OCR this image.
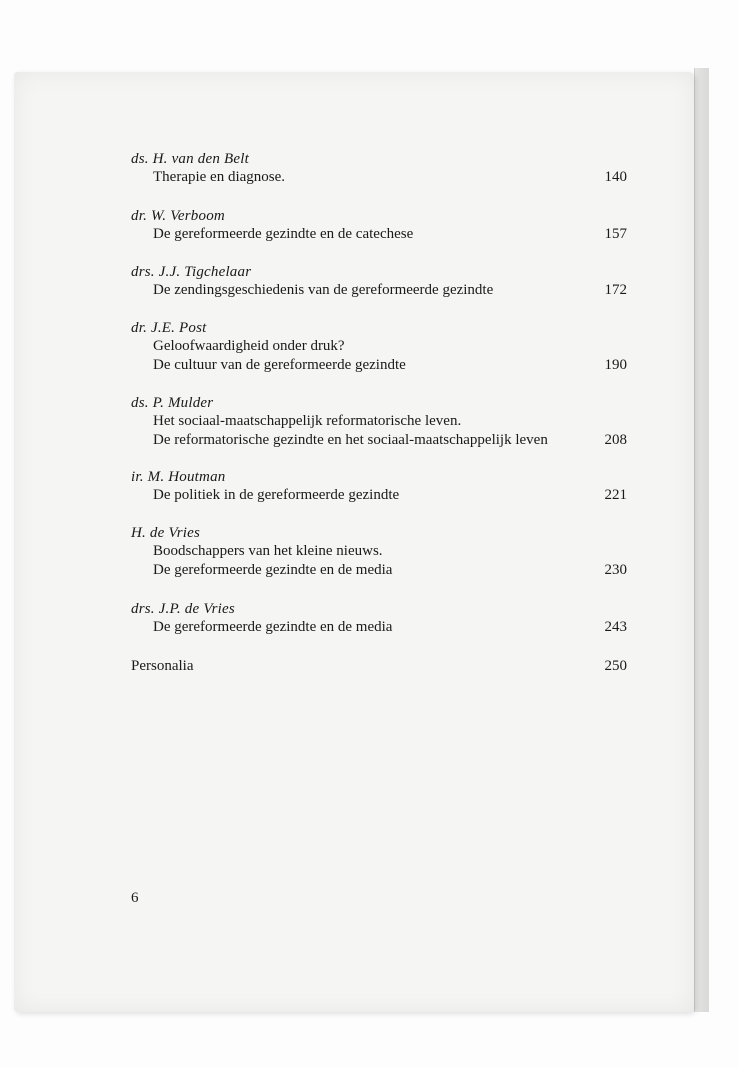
ds. H. van den Belt
Therapie en diagnose.	140
dr. W. Verboom
De gereformeerde gezindte en de catechese	157
drs. J.J. Tigchelaar
De zendingsgeschiedenis van de gereformeerde gezindte	172
dr. J.E. Post
Geloofwaardigheid onder druk?
De cultuur van de gereformeerde gezindte	190
ds. P. Mulder
Het sociaal-maatschappelijk reformatorische leven.
De reformatorische gezindte en het sociaal-maatschappelijk leven	208
ir. M. Houtman
De politiek in de gereformeerde gezindte	221
H. de Vries
Boodschappers van het kleine nieuws.
De gereformeerde gezindte en de media	230
drs. J.P. de Vries
De gereformeerde gezindte en de media	243
Personalia	250
6
